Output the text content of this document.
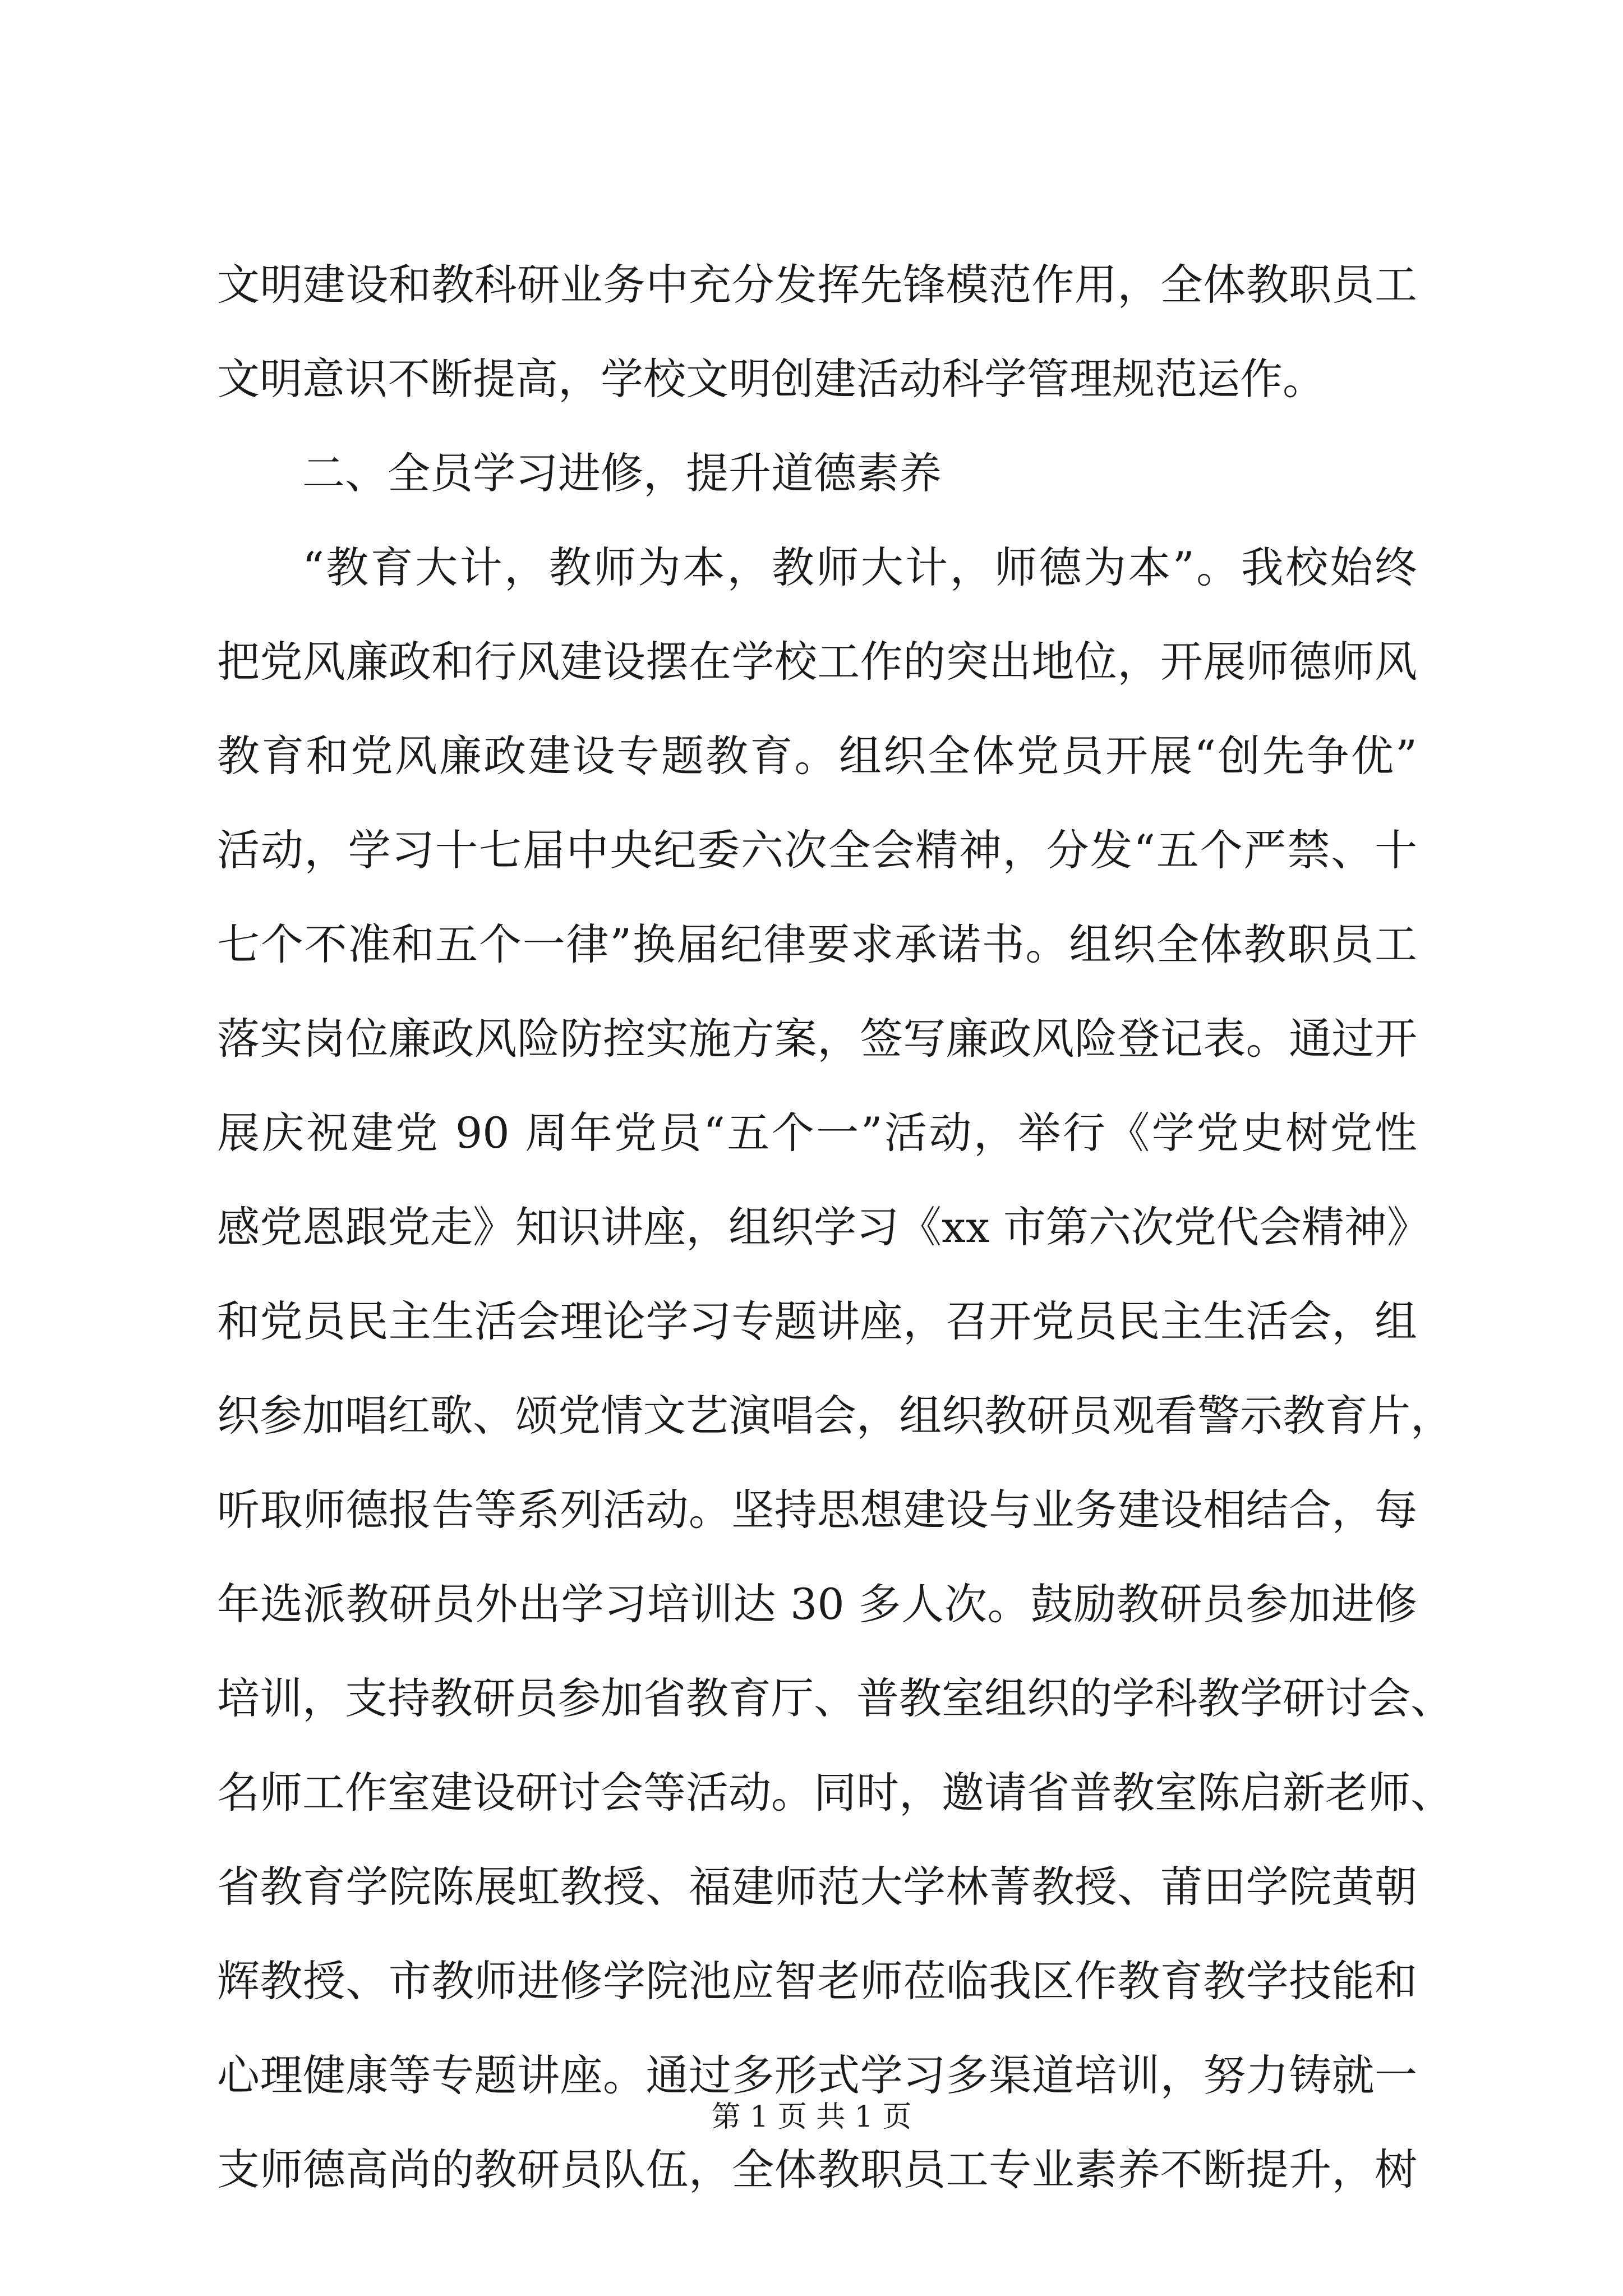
文明建设和教科研业务中充分发挥先锋模范作用，全体教职员工
文明意识不断提高，学校文明创建活动科学管理规范运作。
二、全员学习进修，提升道德素养
“教育大计，教师为本，教师大计，师德为本”。我校始终
把党风廉政和行风建设摆在学校工作的突出地位，开展师德师风
教育和党风廉政建设专题教育。组织全体党员开展“创先争优”
活动，学习十七届中央纪委六次全会精神，分发“五个严禁、十
七个不准和五个一律”换届纪律要求承诺书。组织全体教职员工
落实岗位廉政风险防控实施方案，签写廉政风险登记表。通过开
展庆祝建党 90 周年党员“五个一”活动，举行《学党史树党性
感党恩跟党走》知识讲座，组织学习《xx 市第六次党代会精神》
和党员民主生活会理论学习专题讲座，召开党员民主生活会，组
织参加唱红歌、颂党情文艺演唱会，组织教研员观看警示教育片，
听取师德报告等系列活动。坚持思想建设与业务建设相结合，每
年选派教研员外出学习培训达 30 多人次。鼓励教研员参加进修
培训，支持教研员参加省教育厅、普教室组织的学科教学研讨会、
名师工作室建设研讨会等活动。同时，邀请省普教室陈启新老师、
省教育学院陈展虹教授、福建师范大学林菁教授、莆田学院黄朝
辉教授、市教师进修学院池应智老师莅临我区作教育教学技能和
心理健康等专题讲座。通过多形式学习多渠道培训，努力铸就一
支师德高尚的教研员队伍，全体教职员工专业素养不断提升，树
第 1 页 共 1 页
